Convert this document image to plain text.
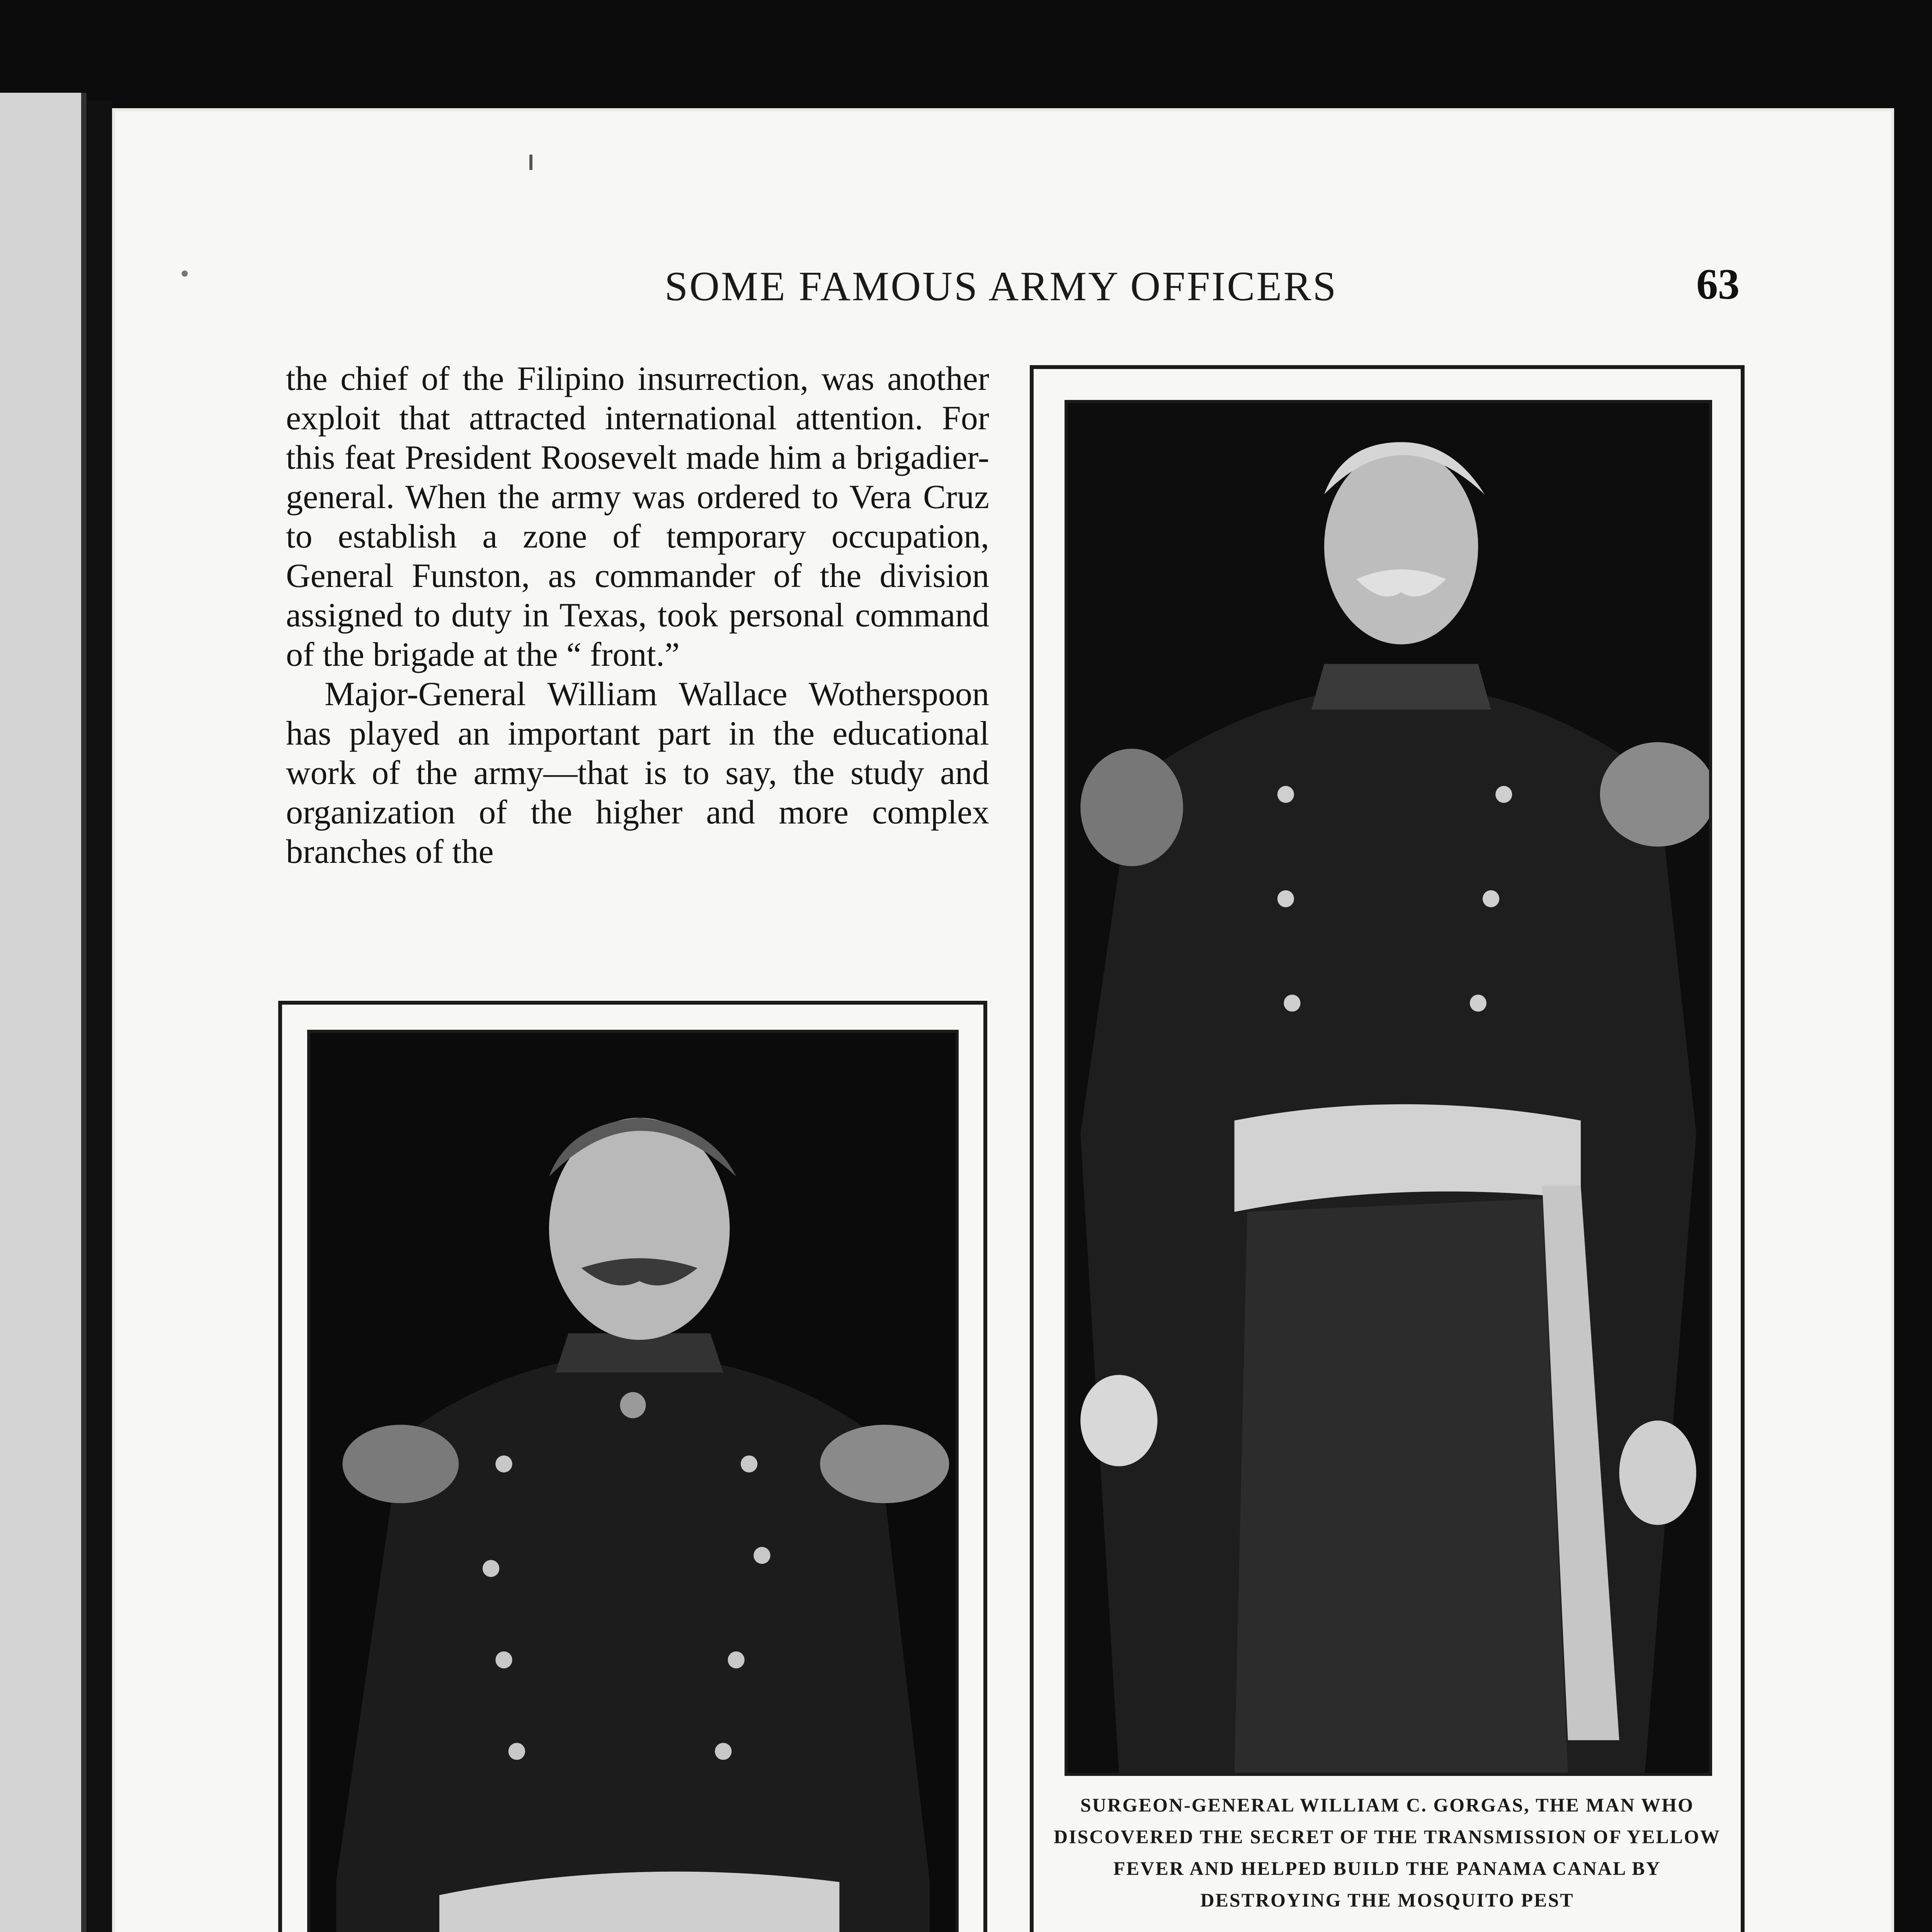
SOME FAMOUS ARMY OFFICERS	63

the chief of the Filipino insurrection, was another exploit that attracted international attention. For this feat President Roosevelt made him a brigadier-general. When the army was ordered to Vera Cruz to establish a zone of temporary occupation, General Funston, as commander of the division assigned to duty in Texas, took personal command of the brigade at the “ front.”

Major-General William Wallace Wotherspoon has played an important part in the educational work of the army—that is to say, the study and organization of the higher and more complex branches of the

SURGEON-GENERAL WILLIAM C. GORGAS, THE MAN WHO DISCOVERED THE SECRET OF THE TRANSMISSION OF YELLOW FEVER AND HELPED BUILD THE PANAMA CANAL BY DESTROYING THE MOSQUITO PEST
